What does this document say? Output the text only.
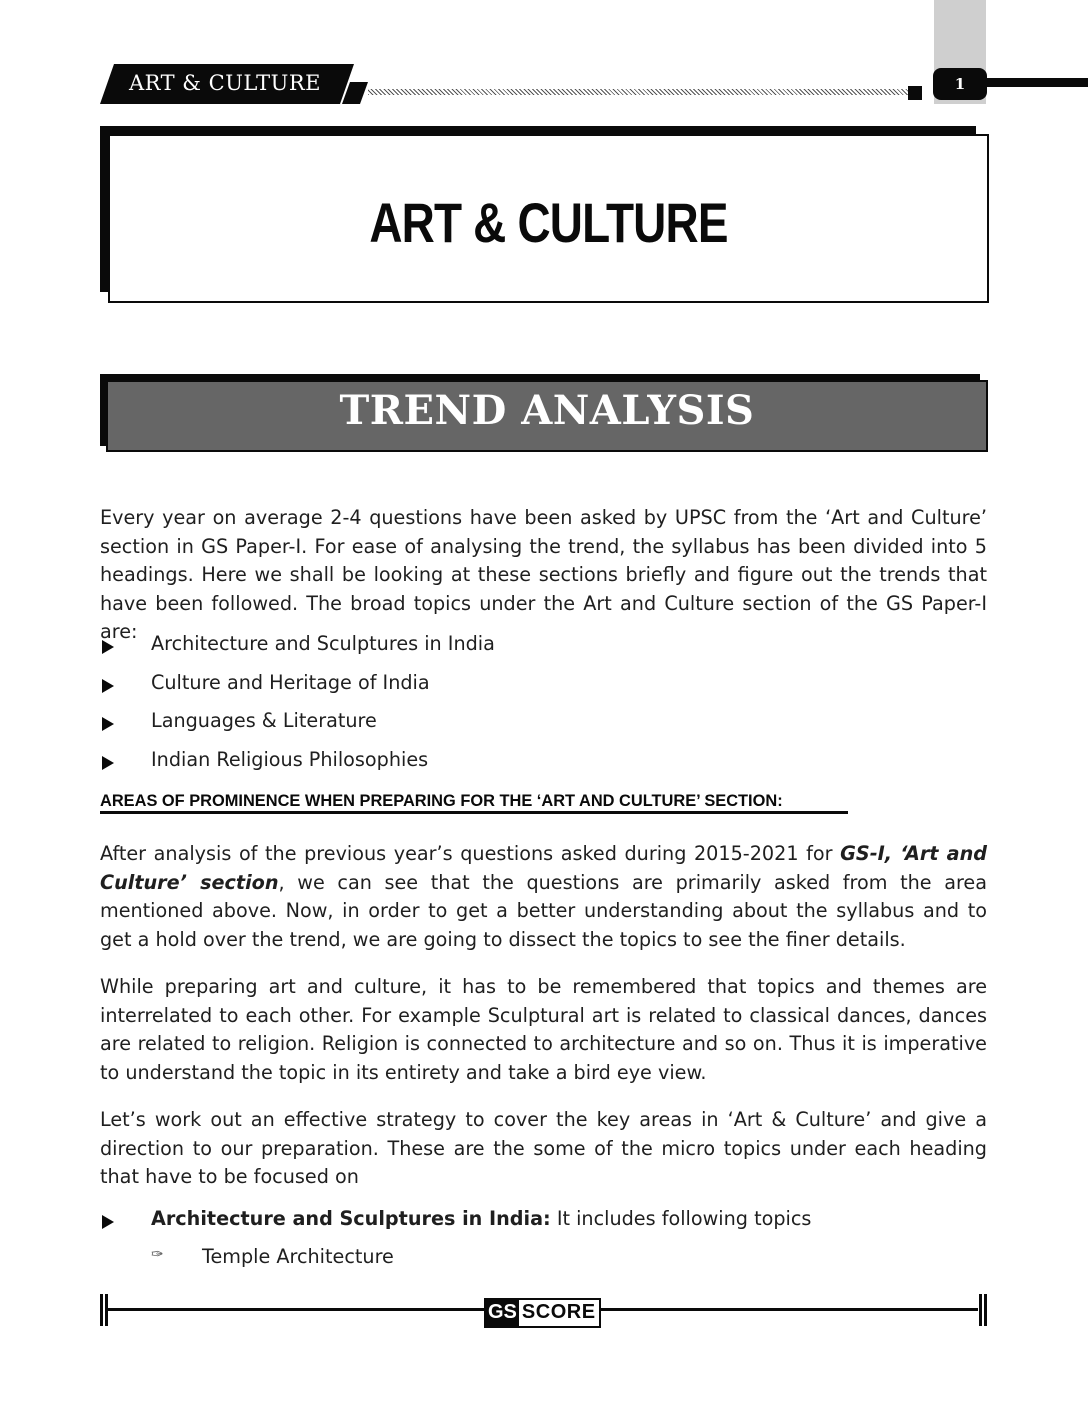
ART & CULTURE	1
ART & CULTURE
TREND ANALYSIS
Every year on average 2-4 questions have been asked by UPSC from the ‘Art and Culture’ section in GS Paper-I. For ease of analysing the trend, the syllabus has been divided into 5 headings. Here we shall be looking at these sections briefly and figure out the trends that have been followed. The broad topics under the Art and Culture section of the GS Paper-I are:
Architecture and Sculptures in India
Culture and Heritage of India
Languages & Literature
Indian Religious Philosophies
AREAS OF PROMINENCE WHEN PREPARING FOR THE ‘ART AND CULTURE’ SECTION:
After analysis of the previous year’s questions asked during 2015-2021 for GS-I, ‘Art and Culture’ section, we can see that the questions are primarily asked from the area mentioned above. Now, in order to get a better understanding about the syllabus and to get a hold over the trend, we are going to dissect the topics to see the finer details.
While preparing art and culture, it has to be remembered that topics and themes are interrelated to each other. For example Sculptural art is related to classical dances, dances are related to religion. Religion is connected to architecture and so on. Thus it is imperative to understand the topic in its entirety and take a bird eye view.
Let’s work out an effective strategy to cover the key areas in ‘Art & Culture’ and give a direction to our preparation. These are the some of the micro topics under each heading that have to be focused on
Architecture and Sculptures in India: It includes following topics
✑ Temple Architecture
GS SCORE
